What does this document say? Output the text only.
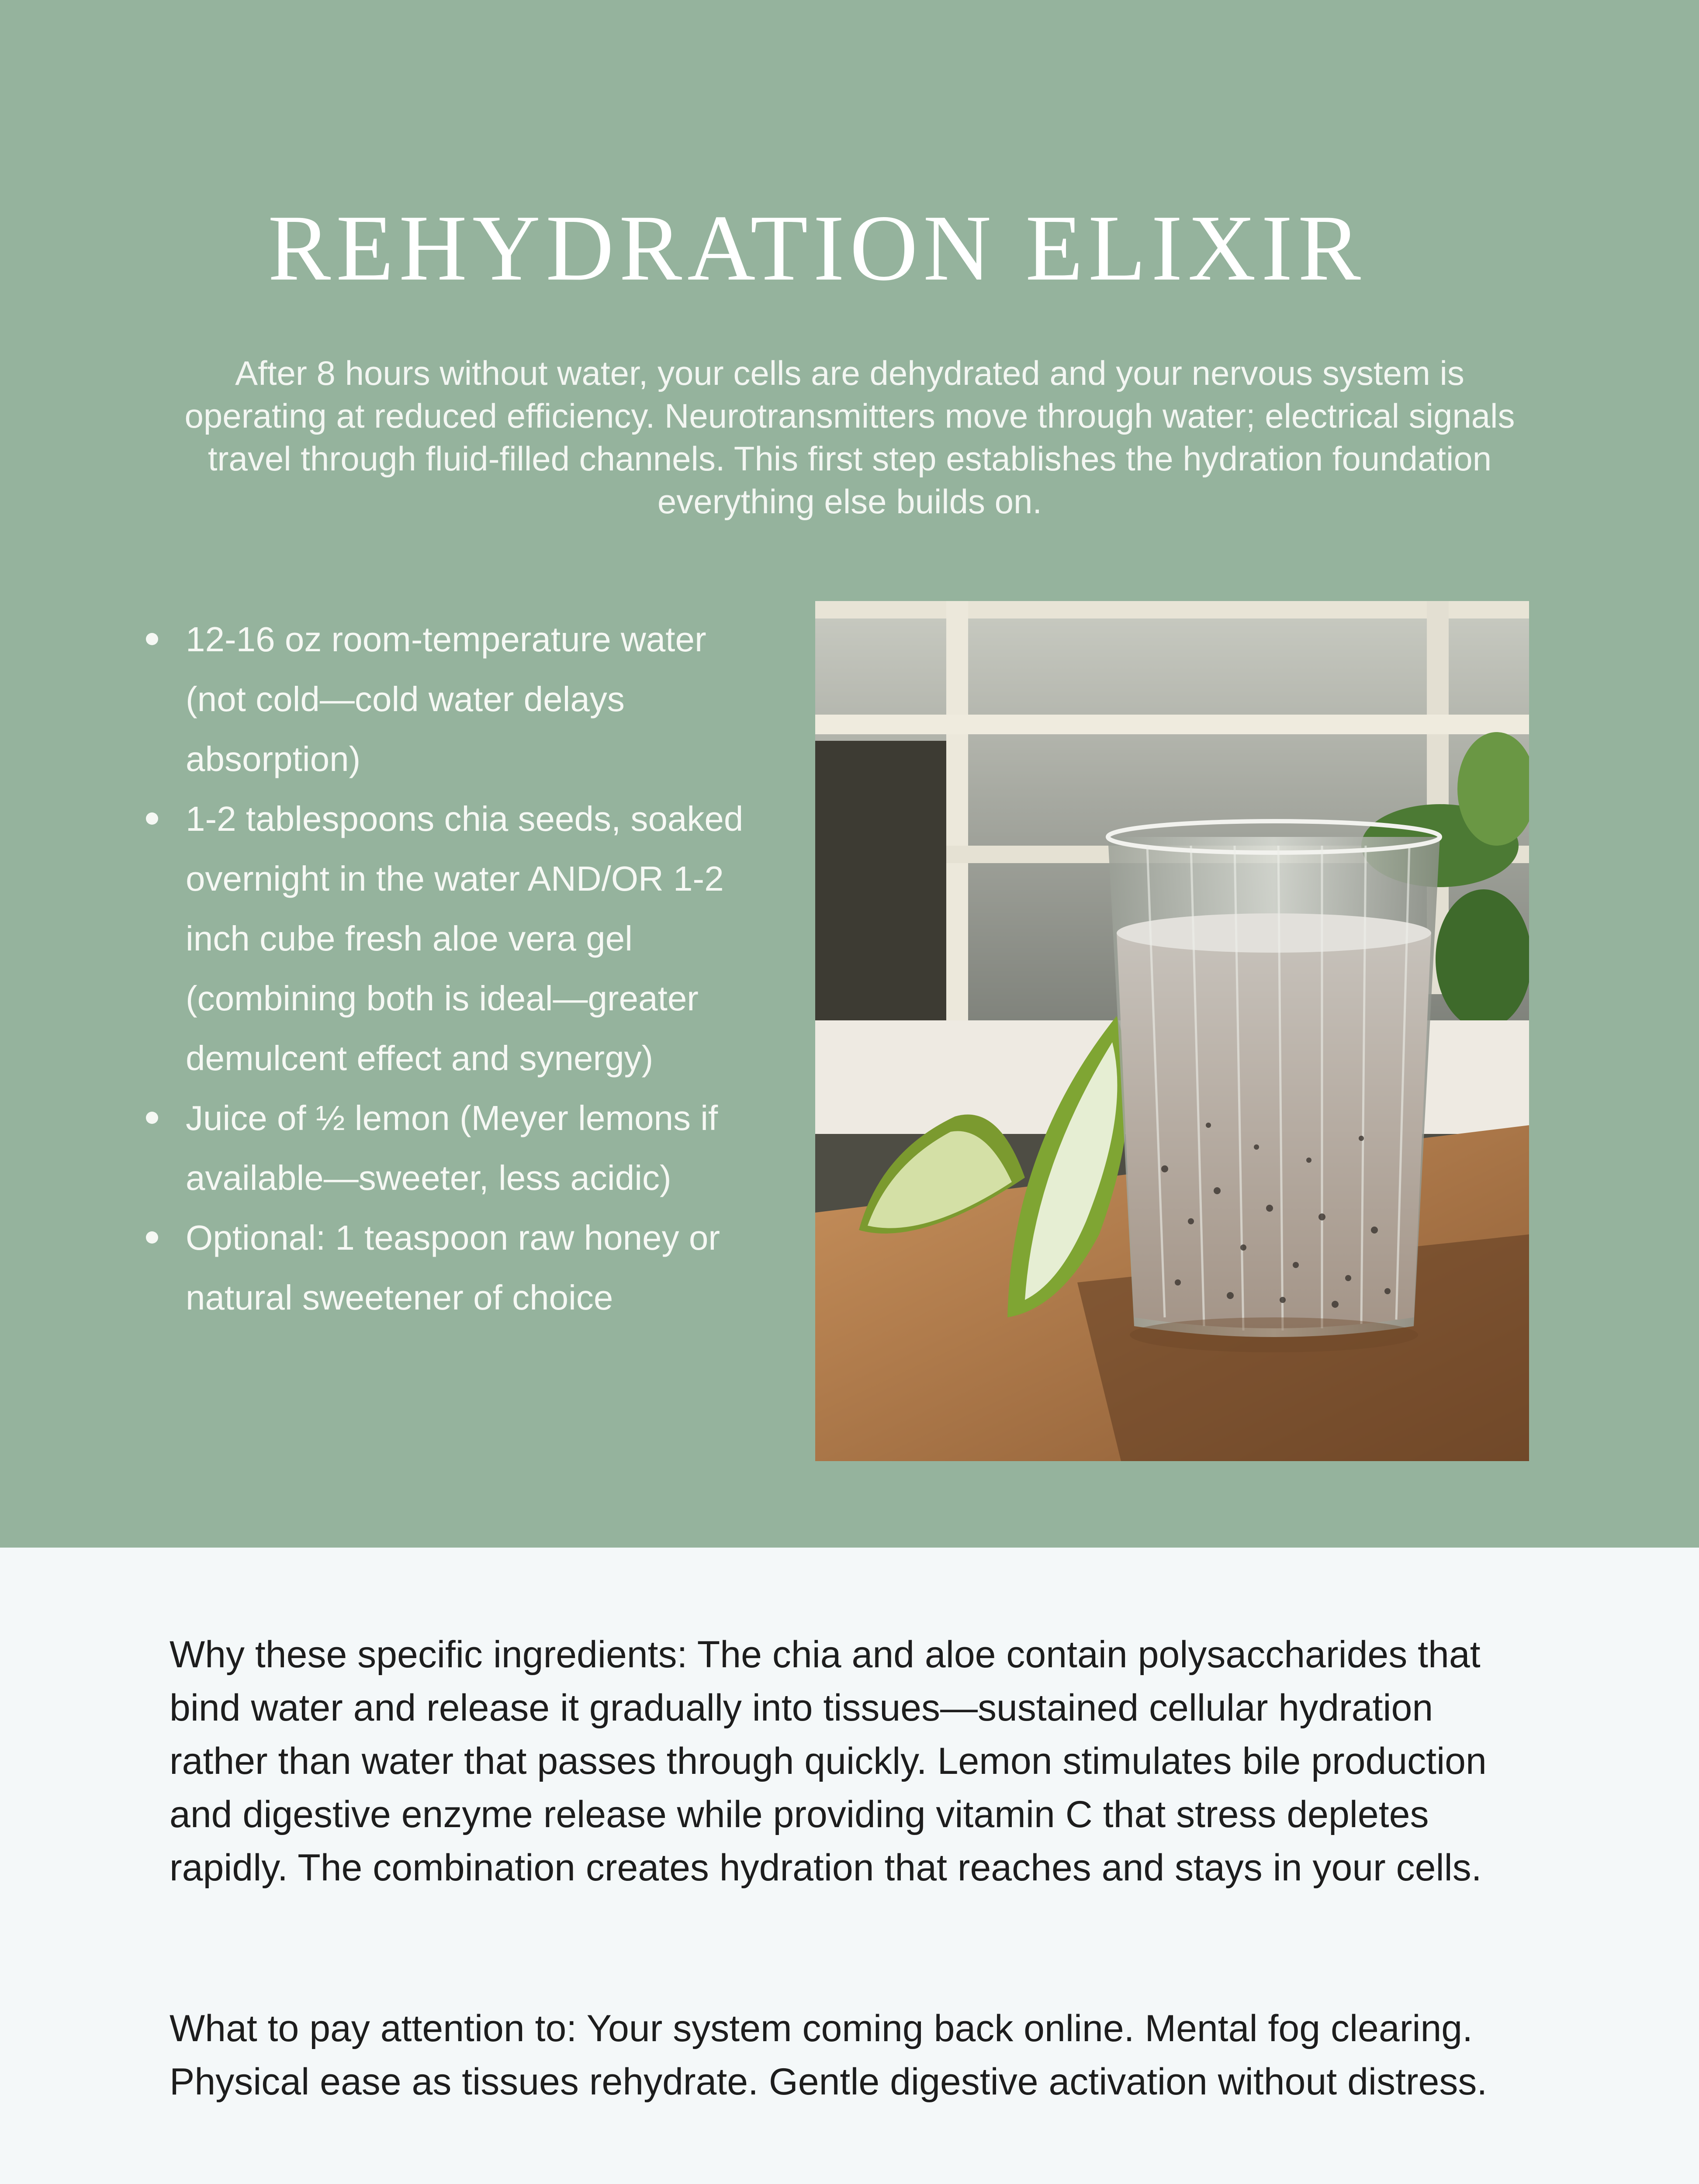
REHYDRATION ELIXIR

After 8 hours without water, your cells are dehydrated and your nervous system is operating at reduced efficiency. Neurotransmitters move through water; electrical signals travel through fluid-filled channels. This first step establishes the hydration foundation everything else builds on.

12-16 oz room-temperature water (not cold—cold water delays absorption)
1-2 tablespoons chia seeds, soaked overnight in the water AND/OR 1-2 inch cube fresh aloe vera gel (combining both is ideal—greater demulcent effect and synergy)
Juice of ½ lemon (Meyer lemons if available—sweeter, less acidic)
Optional: 1 teaspoon raw honey or natural sweetener of choice

Why these specific ingredients: The chia and aloe contain polysaccharides that bind water and release it gradually into tissues—sustained cellular hydration rather than water that passes through quickly. Lemon stimulates bile production and digestive enzyme release while providing vitamin C that stress depletes rapidly. The combination creates hydration that reaches and stays in your cells.

What to pay attention to: Your system coming back online. Mental fog clearing. Physical ease as tissues rehydrate. Gentle digestive activation without distress.
